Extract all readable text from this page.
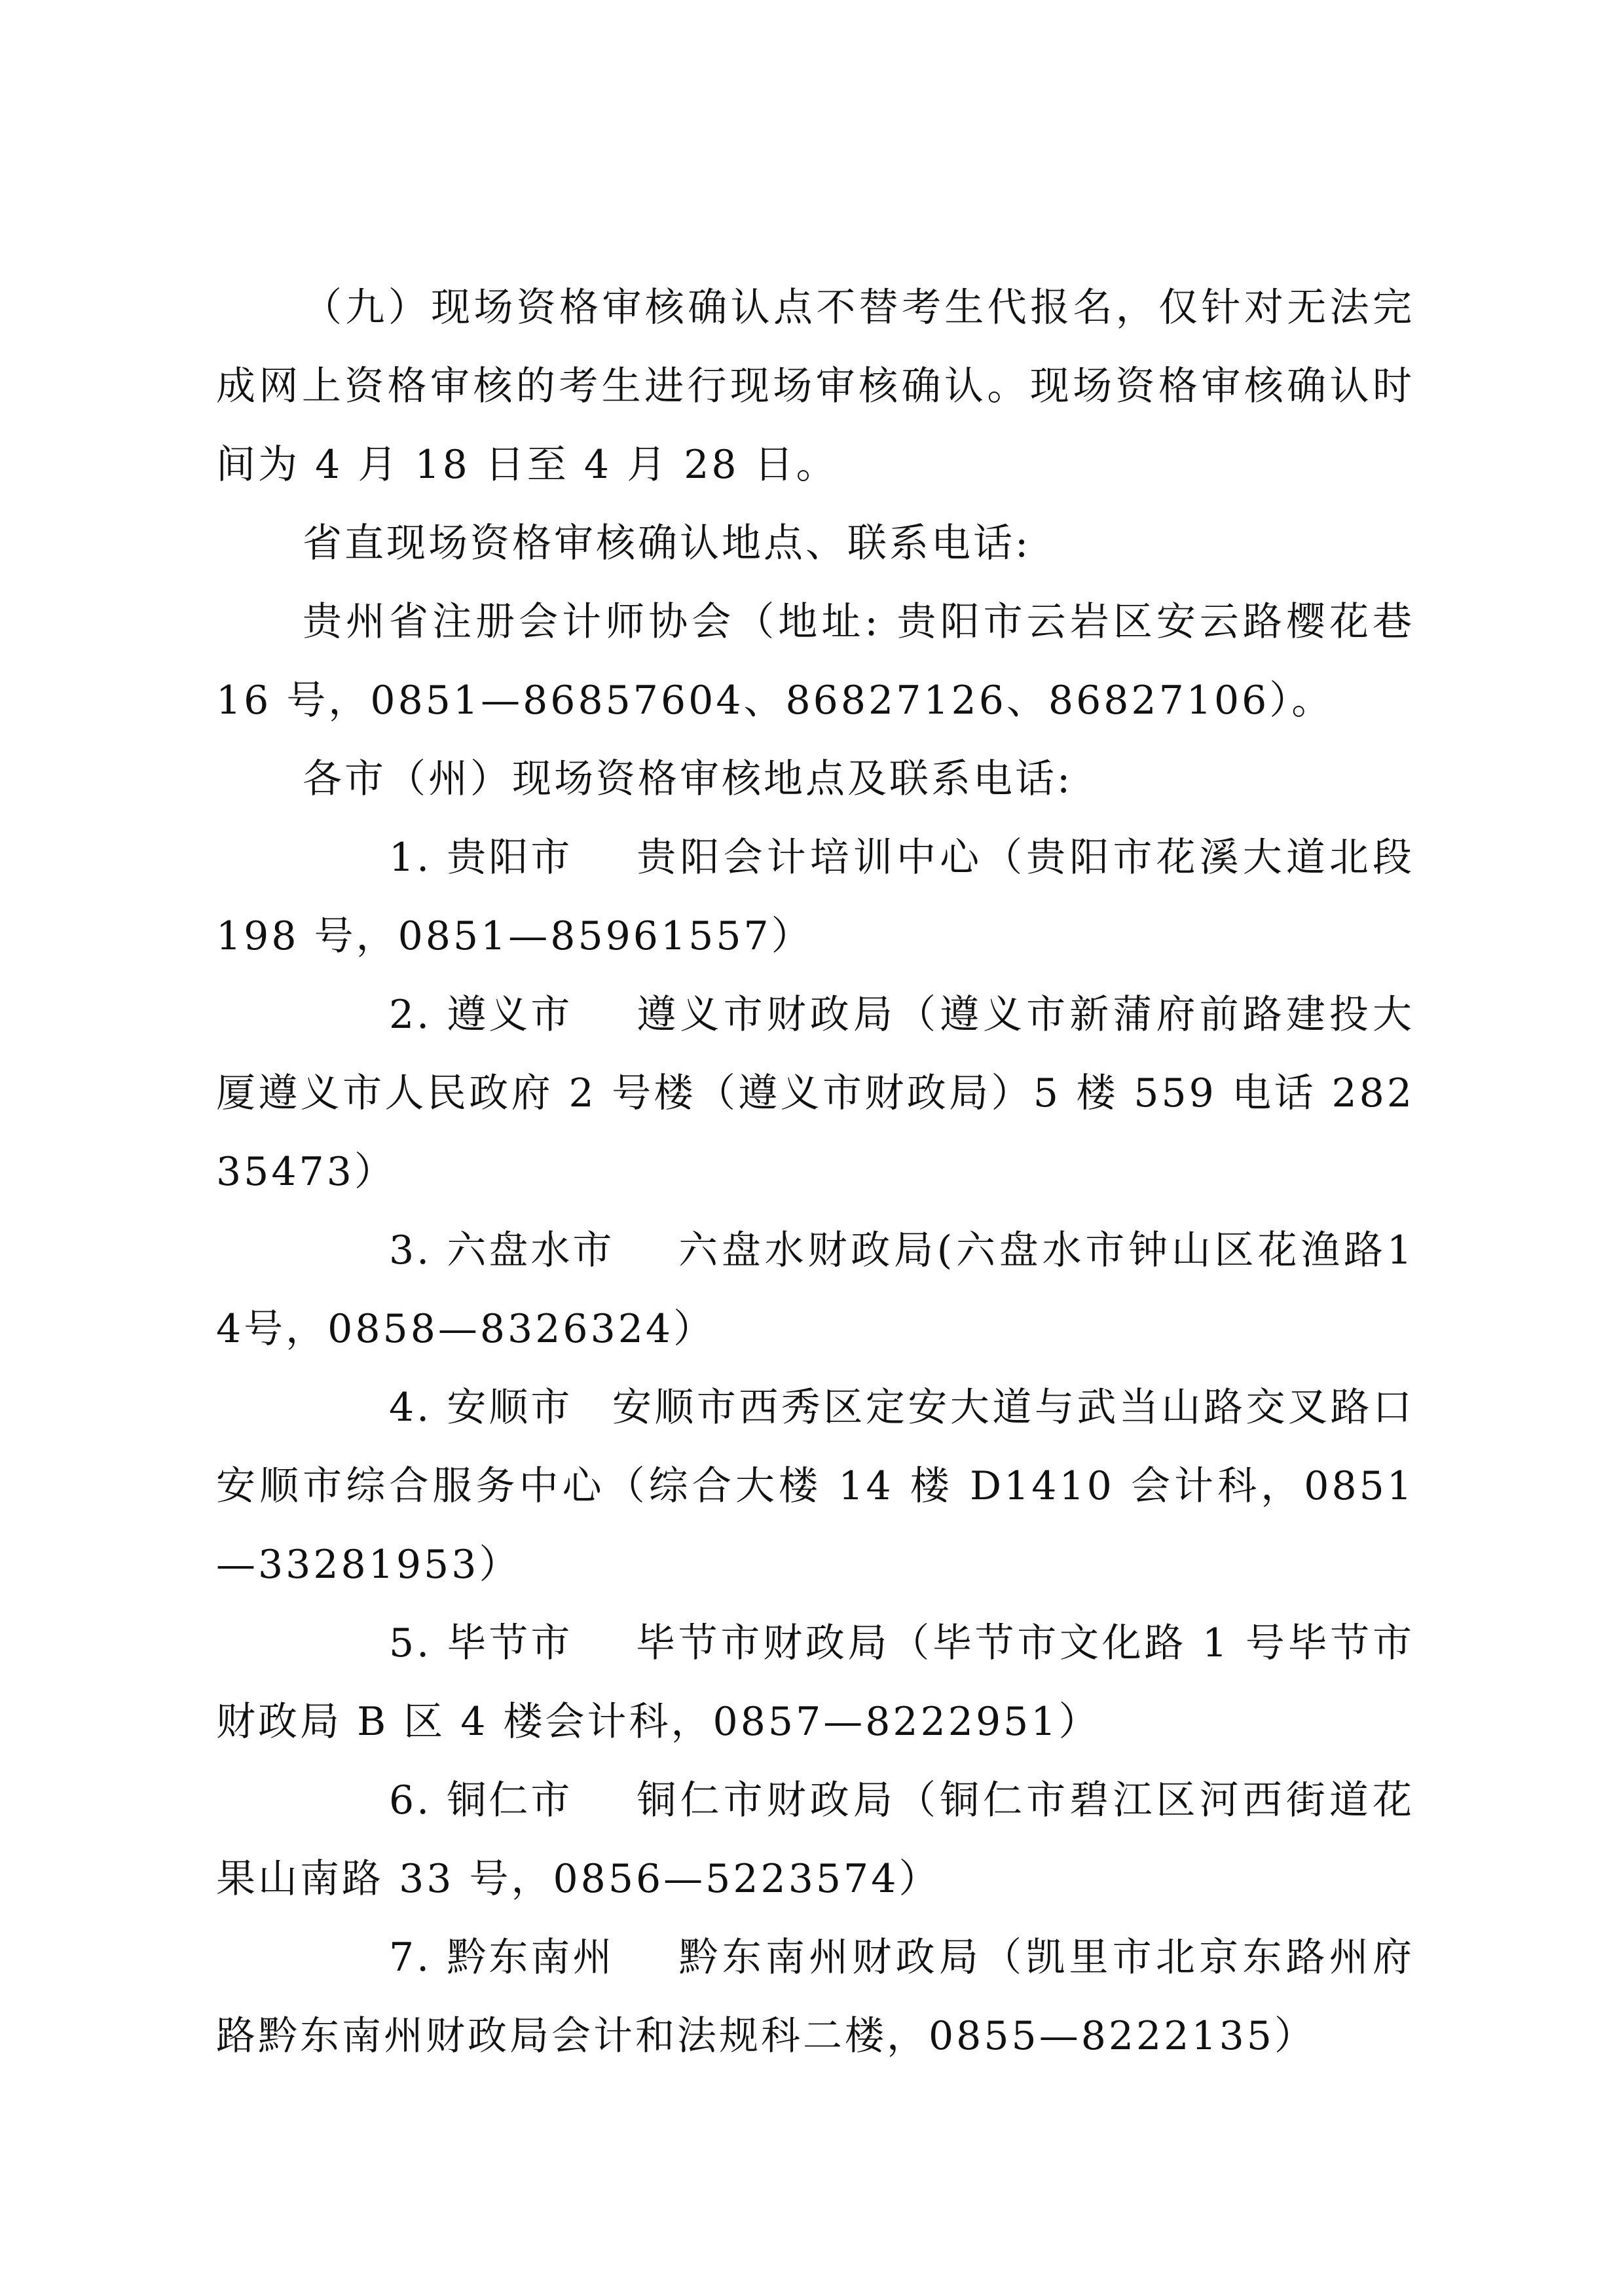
（九）现场资格审核确认点不替考生代报名，仅针对无法完成网上资格审核的考生进行现场审核确认。现场资格审核确认时间为 4 月 18 日至 4 月 28 日。

省直现场资格审核确认地点、联系电话:

贵州省注册会计师协会（地址: 贵阳市云岩区安云路樱花巷 16 号，0851—86857604、86827126、86827106）。

各市（州）现场资格审核地点及联系电话:

1. 贵阳市 贵阳会计培训中心（贵阳市花溪大道北段 198 号，0851—85961557）

2. 遵义市 遵义市财政局（遵义市新蒲府前路建投大厦遵义市人民政府 2 号楼（遵义市财政局）5 楼 559 电话 28235473）

3. 六盘水市 六盘水财政局(六盘水市钟山区花渔路14号，0858—8326324）

4. 安顺市 安顺市西秀区定安大道与武当山路交叉路口安顺市综合服务中心（综合大楼 14 楼 D1410 会计科，0851—33281953）

5. 毕节市 毕节市财政局（毕节市文化路 1 号毕节市财政局 B 区 4 楼会计科，0857—8222951）

6. 铜仁市 铜仁市财政局（铜仁市碧江区河西街道花果山南路 33 号，0856—5223574）

7. 黔东南州 黔东南州财政局（凯里市北京东路州府路黔东南州财政局会计和法规科二楼，0855—8222135）
